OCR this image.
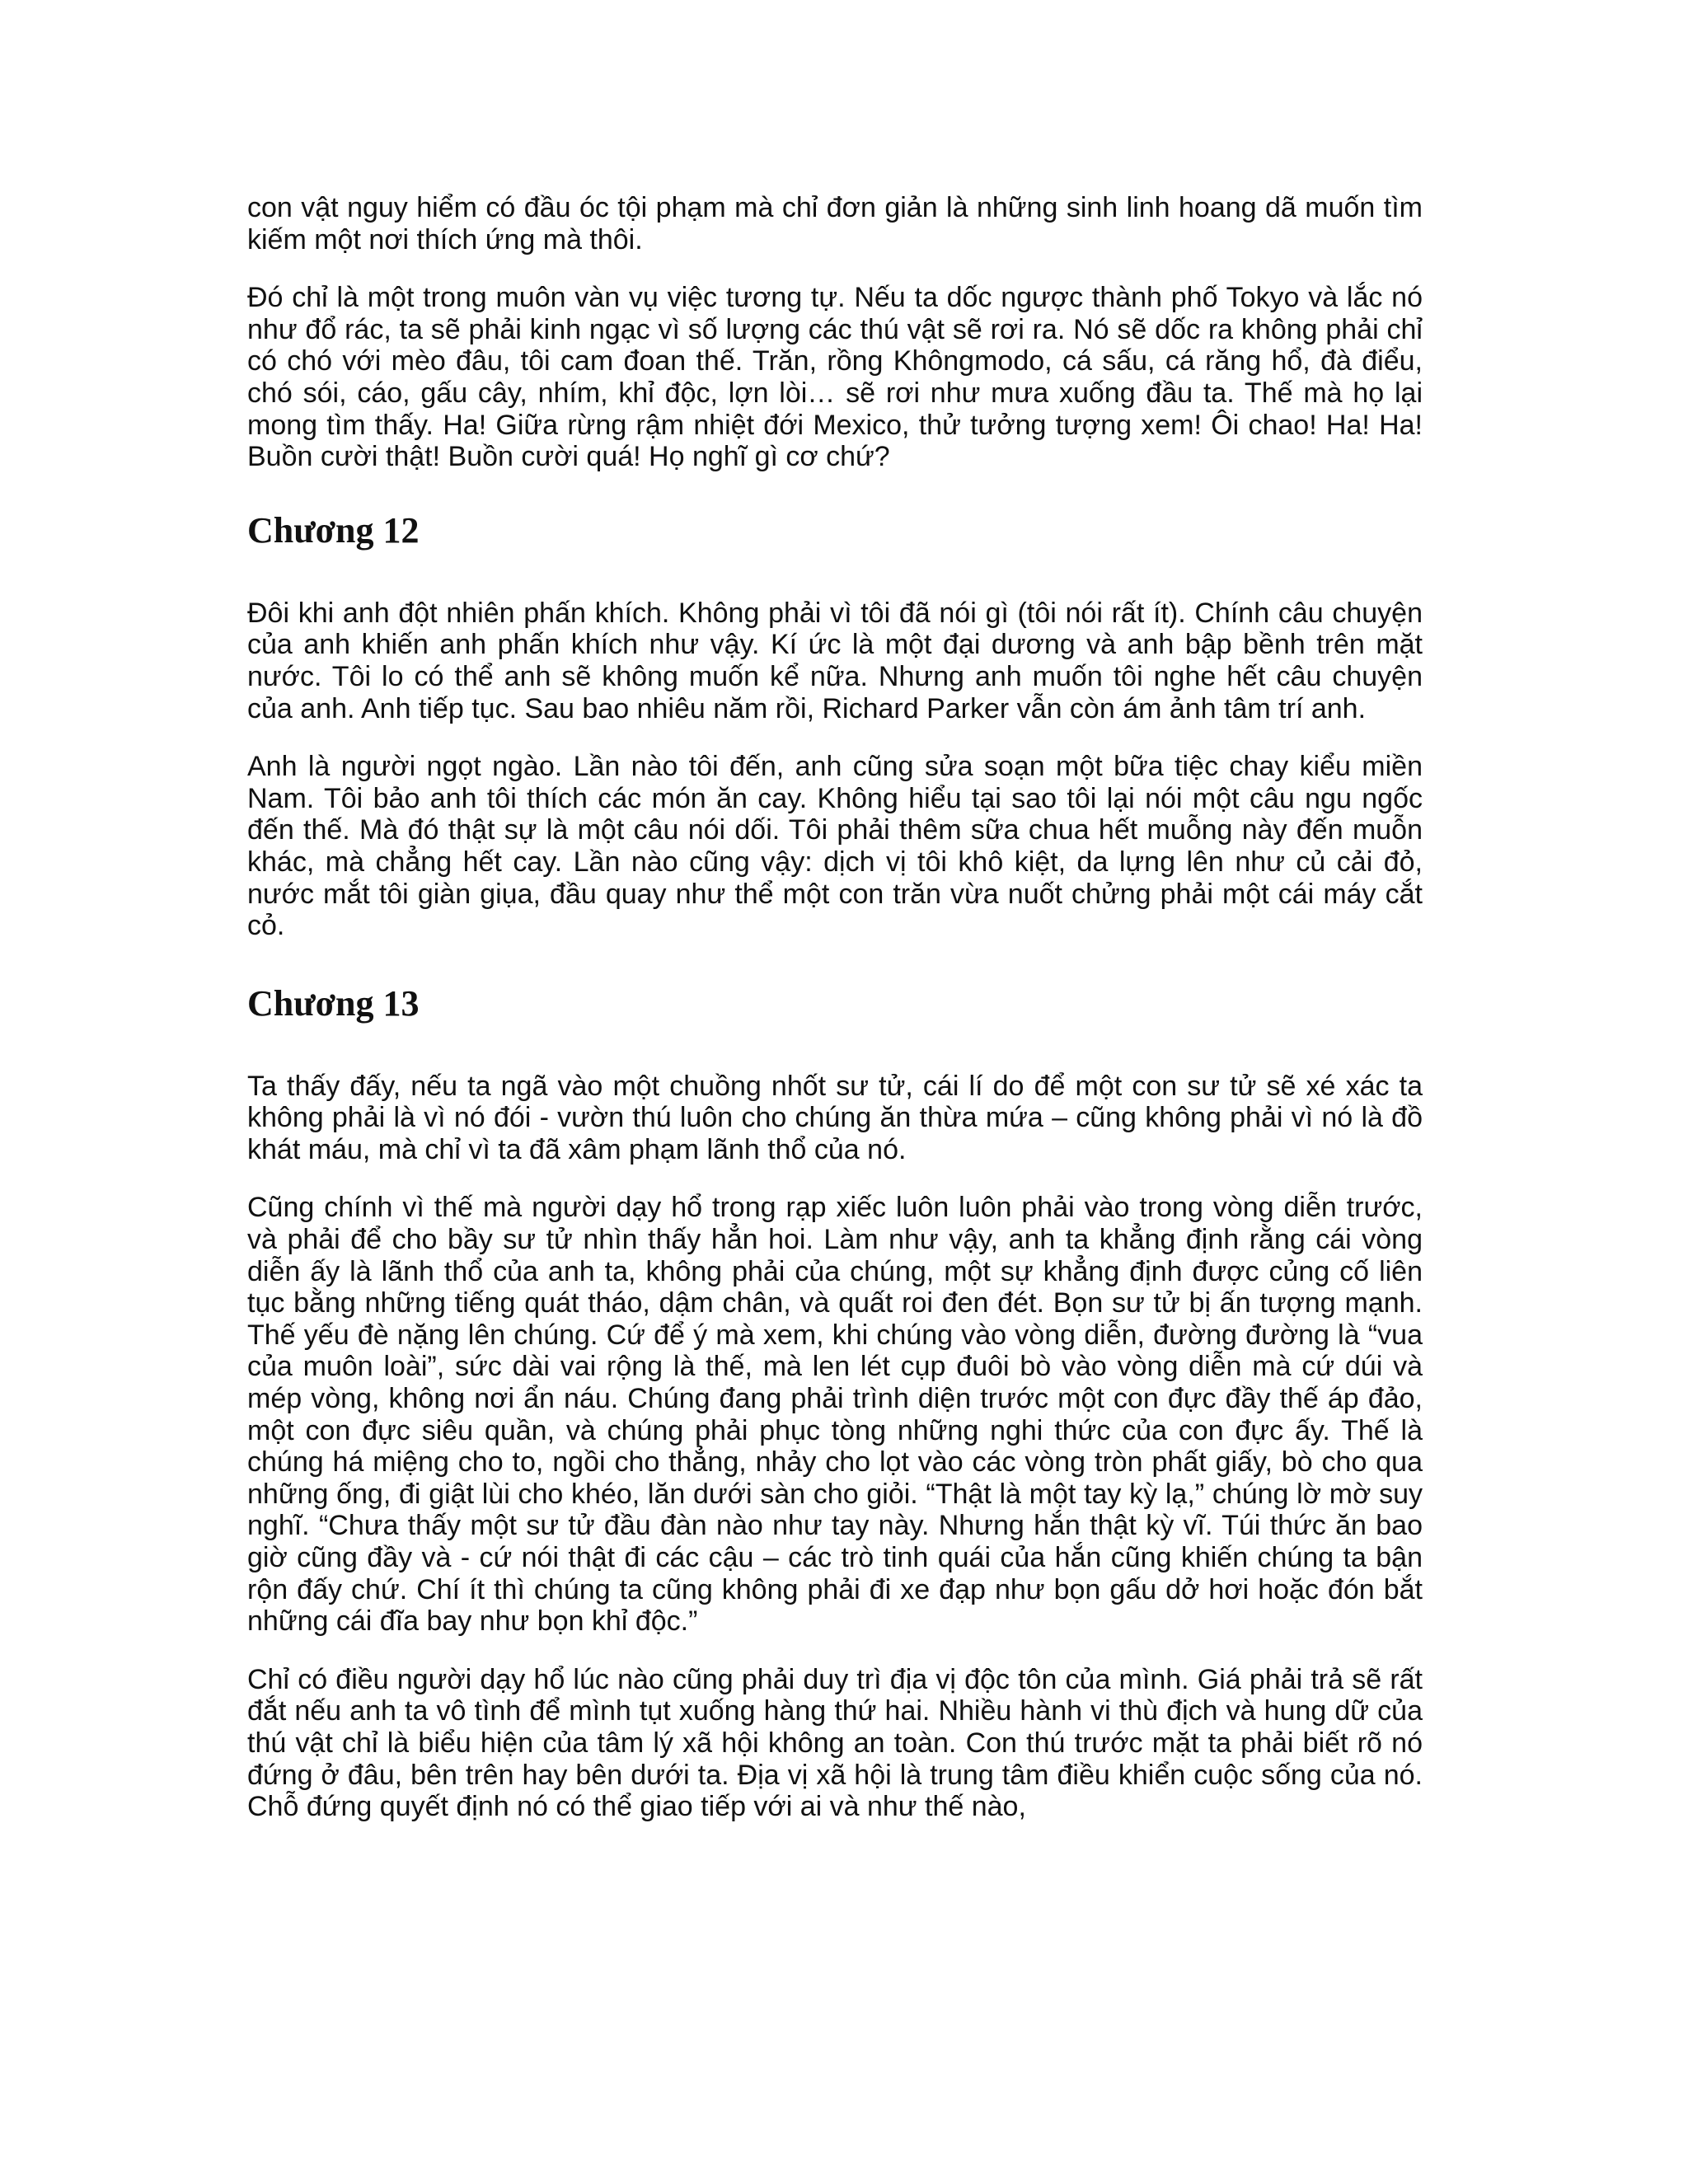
con vật nguy hiểm có đầu óc tội phạm mà chỉ đơn giản là những sinh linh hoang dã muốn tìm kiếm một nơi thích ứng mà thôi.

Đó chỉ là một trong muôn vàn vụ việc tương tự. Nếu ta dốc ngược thành phố Tokyo và lắc nó như đổ rác, ta sẽ phải kinh ngạc vì số lượng các thú vật sẽ rơi ra. Nó sẽ dốc ra không phải chỉ có chó với mèo đâu, tôi cam đoan thế. Trăn, rồng Khôngmodo, cá sấu, cá răng hổ, đà điểu, chó sói, cáo, gấu cây, nhím, khỉ độc, lợn lòi… sẽ rơi như mưa xuống đầu ta. Thế mà họ lại mong tìm thấy. Ha! Giữa rừng rậm nhiệt đới Mexico, thử tưởng tượng xem! Ôi chao! Ha! Ha! Buồn cười thật! Buồn cười quá! Họ nghĩ gì cơ chứ?

Chương 12

Đôi khi anh đột nhiên phấn khích. Không phải vì tôi đã nói gì (tôi nói rất ít). Chính câu chuyện của anh khiến anh phấn khích như vậy. Kí ức là một đại dương và anh bập bềnh trên mặt nước. Tôi lo có thể anh sẽ không muốn kể nữa. Nhưng anh muốn tôi nghe hết câu chuyện của anh. Anh tiếp tục. Sau bao nhiêu năm rồi, Richard Parker vẫn còn ám ảnh tâm trí anh.

Anh là người ngọt ngào. Lần nào tôi đến, anh cũng sửa soạn một bữa tiệc chay kiểu miền Nam. Tôi bảo anh tôi thích các món ăn cay. Không hiểu tại sao tôi lại nói một câu ngu ngốc đến thế. Mà đó thật sự là một câu nói dối. Tôi phải thêm sữa chua hết muỗng này đến muỗn khác, mà chẳng hết cay. Lần nào cũng vậy: dịch vị tôi khô kiệt, da lựng lên như củ cải đỏ, nước mắt tôi giàn giụa, đầu quay như thể một con trăn vừa nuốt chửng phải một cái máy cắt cỏ.

Chương 13

Ta thấy đấy, nếu ta ngã vào một chuồng nhốt sư tử, cái lí do để một con sư tử sẽ xé xác ta không phải là vì nó đói - vườn thú luôn cho chúng ăn thừa mứa – cũng không phải vì nó là đồ khát máu, mà chỉ vì ta đã xâm phạm lãnh thổ của nó.

Cũng chính vì thế mà người dạy hổ trong rạp xiếc luôn luôn phải vào trong vòng diễn trước, và phải để cho bầy sư tử nhìn thấy hẳn hoi. Làm như vậy, anh ta khẳng định rằng cái vòng diễn ấy là lãnh thổ của anh ta, không phải của chúng, một sự khẳng định được củng cố liên tục bằng những tiếng quát tháo, dậm chân, và quất roi đen đét. Bọn sư tử bị ấn tượng mạnh. Thế yếu đè nặng lên chúng. Cứ để ý mà xem, khi chúng vào vòng diễn, đường đường là “vua của muôn loài”, sức dài vai rộng là thế, mà len lét cụp đuôi bò vào vòng diễn mà cứ dúi và mép vòng, không nơi ẩn náu. Chúng đang phải trình diện trước một con đực đầy thế áp đảo, một con đực siêu quần, và chúng phải phục tòng những nghi thức của con đực ấy. Thế là chúng há miệng cho to, ngồi cho thẳng, nhảy cho lọt vào các vòng tròn phất giấy, bò cho qua những ống, đi giật lùi cho khéo, lăn dưới sàn cho giỏi. “Thật là một tay kỳ lạ,” chúng lờ mờ suy nghĩ. “Chưa thấy một sư tử đầu đàn nào như tay này. Nhưng hắn thật kỳ vĩ. Túi thức ăn bao giờ cũng đầy và - cứ nói thật đi các cậu – các trò tinh quái của hắn cũng khiến chúng ta bận rộn đấy chứ. Chí ít thì chúng ta cũng không phải đi xe đạp như bọn gấu dở hơi hoặc đón bắt những cái đĩa bay như bọn khỉ độc.”

Chỉ có điều người dạy hổ lúc nào cũng phải duy trì địa vị độc tôn của mình. Giá phải trả sẽ rất đắt nếu anh ta vô tình để mình tụt xuống hàng thứ hai. Nhiều hành vi thù địch và hung dữ của thú vật chỉ là biểu hiện của tâm lý xã hội không an toàn. Con thú trước mặt ta phải biết rõ nó đứng ở đâu, bên trên hay bên dưới ta. Địa vị xã hội là trung tâm điều khiển cuộc sống của nó. Chỗ đứng quyết định nó có thể giao tiếp với ai và như thế nào,
